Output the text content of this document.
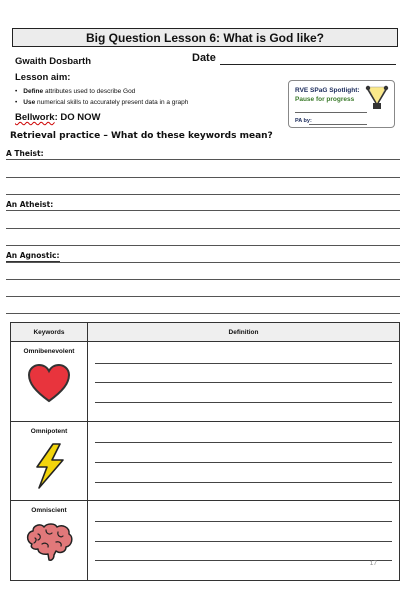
Big Question Lesson 6: What is God like?
Gwaith Dosbarth	Date
Lesson aim:
• Define attributes used to describe God
• Use numerical skills to accurately present data in a graph
Bellwork: DO NOW
RVE SPaG Spotlight:
Pause for progress
PA by:
Retrieval practice – What do these keywords mean?
A Theist:
An Atheist:
An Agnostic:
Keywords	Definition

Omnibenevolent	

Omnipotent	

Omniscient	

17
